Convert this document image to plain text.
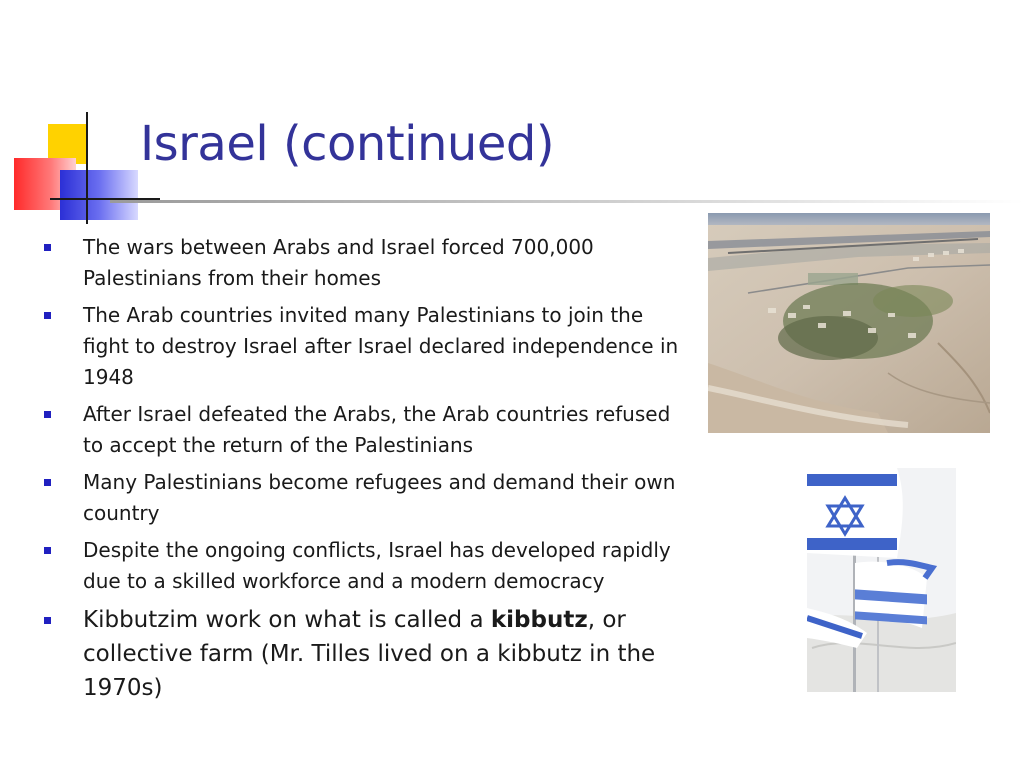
Israel (continued)
The wars between Arabs and Israel forced 700,000 Palestinians from their homes
The Arab countries invited many Palestinians to join the fight to destroy Israel after Israel declared independence in 1948
After Israel defeated the Arabs, the Arab countries refused to accept the return of the Palestinians
Many Palestinians become refugees and demand their own country
Despite the ongoing conflicts, Israel has developed rapidly due to a skilled workforce and a modern democracy
Kibbutzim work on what is called a kibbutz, or collective farm (Mr. Tilles lived on a kibbutz in the 1970s)
